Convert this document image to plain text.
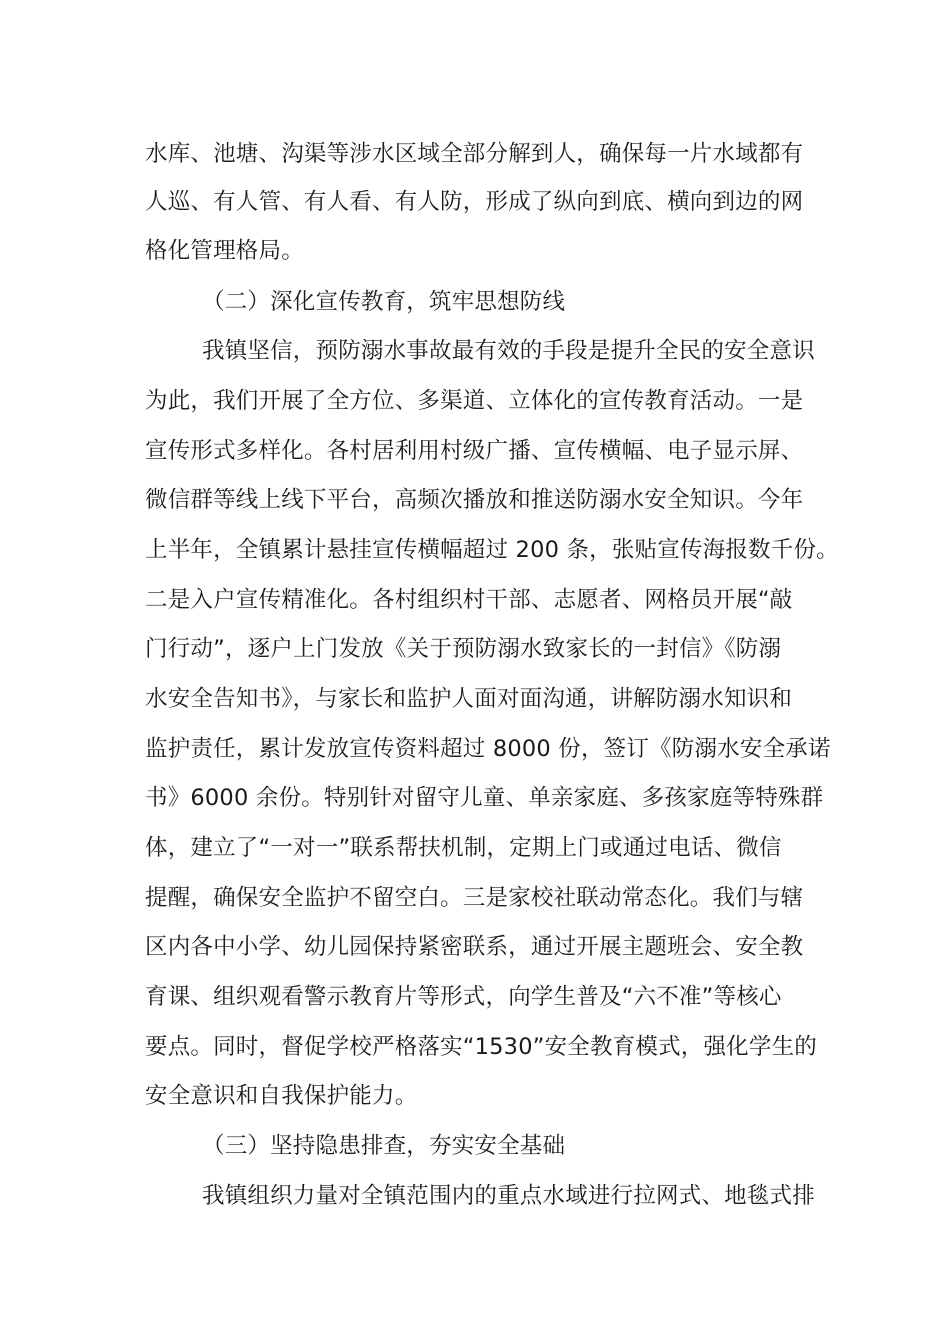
水库、池塘、沟渠等涉水区域全部分解到人，确保每一片水域都有
人巡、有人管、有人看、有人防，形成了纵向到底、横向到边的网
格化管理格局。
（二）深化宣传教育，筑牢思想防线
我镇坚信，预防溺水事故最有效的手段是提升全民的安全意识
为此，我们开展了全方位、多渠道、立体化的宣传教育活动。一是
宣传形式多样化。各村居利用村级广播、宣传横幅、电子显示屏、
微信群等线上线下平台，高频次播放和推送防溺水安全知识。今年
上半年，全镇累计悬挂宣传横幅超过 200 条，张贴宣传海报数千份。
二是入户宣传精准化。各村组织村干部、志愿者、网格员开展“敲
门行动”，逐户上门发放《关于预防溺水致家长的一封信》《防溺
水安全告知书》，与家长和监护人面对面沟通，讲解防溺水知识和
监护责任，累计发放宣传资料超过 8000 份，签订《防溺水安全承诺
书》6000 余份。特别针对留守儿童、单亲家庭、多孩家庭等特殊群
体，建立了“一对一”联系帮扶机制，定期上门或通过电话、微信
提醒，确保安全监护不留空白。三是家校社联动常态化。我们与辖
区内各中小学、幼儿园保持紧密联系，通过开展主题班会、安全教
育课、组织观看警示教育片等形式，向学生普及“六不准”等核心
要点。同时，督促学校严格落实“1530”安全教育模式，强化学生的
安全意识和自我保护能力。
（三）坚持隐患排查，夯实安全基础
我镇组织力量对全镇范围内的重点水域进行拉网式、地毯式排
